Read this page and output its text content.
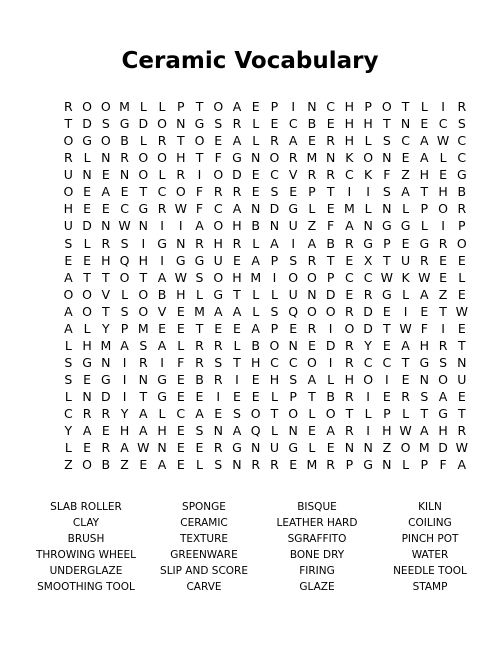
Ceramic Vocabulary
R O O M L L P T O A E P	I N C H P O T L	I	R
T D S G D O N G S R L E C B E H H T N E C S
O G O B L R T O E A L R A E R H L S C A W C
R L N R O O H T F G N O R M N K O N E A L C
U N E N O L R	I O D E C V R R C K F Z H E G
O E A E T C O F R R E S E P T	I	I	S A T H B
H E E C G R W F C A N D G L E M L N L P O R
U D N W N I	I	A O H B N U Z F A N G G L	I	P
S L R S	I G N R H R L A	I	A B R G P E G R O
E E H Q H I G G U E A P S R T E X T U R E E
A T T O T A W S O H M I O O P C C W K W E L
O O V L O B H L G T L L U N D E R G L A Z E
A O T S O V E M A A L S Q O O R D E	I	E T W
A L Y P M E E T E E A P E R	I O D T W F	I	E
L H M A S A L R R L B O N E D R Y E A H R T
S G N I	R	I	F R S T H C C O I	R C C T G S N
S E G I N G E B R	I	E H S A L H O I	E N O U
L N D I	T G E E	I	E E L P T B R	I	E R S A E
C R R Y A L C A E S O T O L O T L P L T G T
Y A E H A H E S N A Q L N E A R	I H W A H R
L E R A W N E E R G N U G L E N N Z O M D W
Z O B Z E A E L S N R R E M R P G N L P F A
SLAB ROLLER	SPONGE	BISQUE	KILN
CLAY	CERAMIC	LEATHER HARD	COILING
BRUSH	TEXTURE	SGRAFFITO	PINCH POT
THROWING WHEEL	GREENWARE	BONE DRY	WATER
UNDERGLAZE	SLIP AND SCORE	FIRING	NEEDLE TOOL
SMOOTHING TOOL	CARVE	GLAZE	STAMP
